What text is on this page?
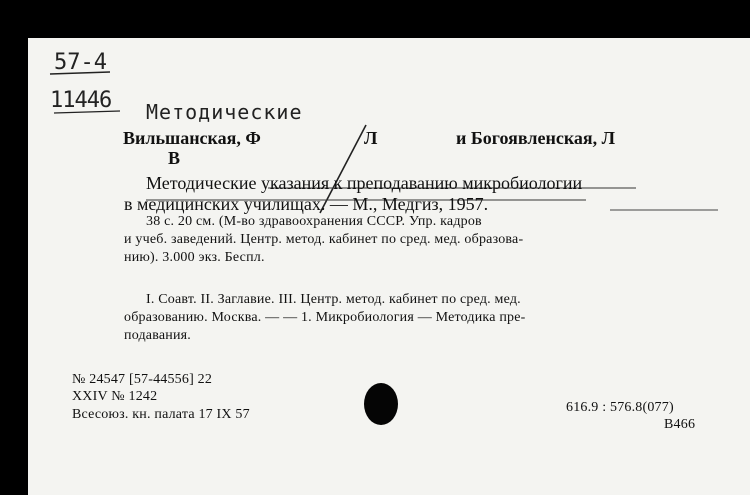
57-4
11446 Методические
Вильшанская, Ф	Л	и Богоявленская, Л
В
Методические указания к преподаванию микробиологии
в медицинских училищах. — М., Медгиз, 1957.
38 с. 20 см. (М-во здравоохранения СССР. Упр. кадров
и учеб. заведений. Центр. метод. кабинет по сред. мед. образова-
нию). 3.000 экз. Беспл.
I. Соавт. II. Заглавие. III. Центр. метод. кабинет по сред. мед.
образованию. Москва. — — 1. Микробиология — Методика пре-
подавания.
№ 24547 [57-44556] 22
XXIV № 1242
Всесоюз. кн. палата 17 IX 57	616.9 : 576.8(077)
В466
